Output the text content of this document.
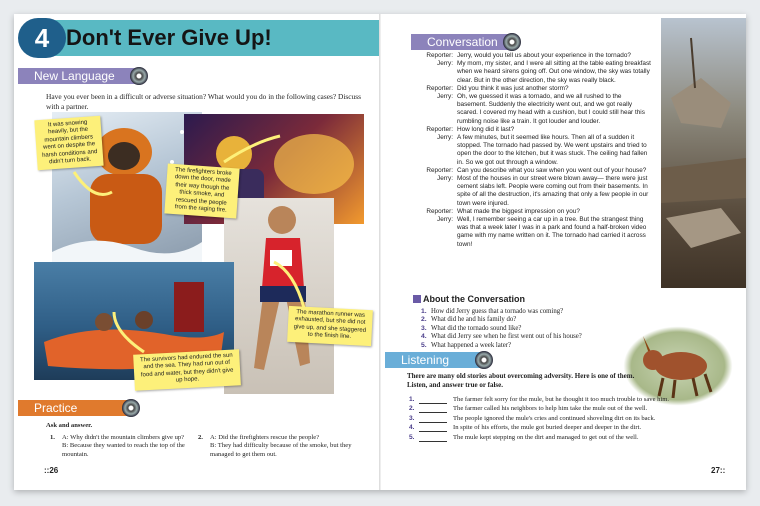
4 Don't Ever Give Up!
New Language
Have you ever been in a difficult or adverse situation? What would you do in the following cases? Discuss with a partner.
It was snowing heavily, but the mountain climbers went on despite the harsh conditions and didn't turn back.
The firefighters broke down the door, made their way though the thick smoke, and rescued the people from the raging fire.
The marathon runner was exhausted, but she did not give up, and she staggered to the finish line.
The survivors had endured the sun and the sea. They had run out of food and water, but they didn't give up hope.
Practice
Ask and answer.
1.	A: Why didn't the mountain climbers give up?
B: Because they wanted to reach the top of the mountain.
2.	A: Did the firefighters rescue the people?
B: They had difficulty because of the smoke, but they managed to get them out.
::26
Conversation
Reporter: Jerry, would you tell us about your experience in the tornado?
Jerry: My mom, my sister, and I were all sitting at the table eating breakfast when we heard sirens going off. Out one window, the sky was totally clear. But in the other direction, the sky was really black.
Reporter: Did you think it was just another storm?
Jerry: Oh, we guessed it was a tornado, and we all rushed to the basement. Suddenly the electricity went out, and we got really scared. I covered my head with a cushion, but I could still hear this rumbling noise like a train. It got louder and louder.
Reporter: How long did it last?
Jerry: A few minutes, but it seemed like hours. Then all of a sudden it stopped. The tornado had passed by. We went upstairs and tried to open the door to the kitchen, but it was stuck. The ceiling had fallen in. So we got out through a window.
Reporter: Can you describe what you saw when you went out of your house?
Jerry: Most of the houses in our street were blown away— there were just cement slabs left. People were coming out from their basements. In spite of all the destruction, it's amazing that only a few people in our town were injured.
Reporter: What made the biggest impression on you?
Jerry: Well, I remember seeing a car up in a tree. But the strangest thing was that a week later I was in a park and found a half-broken video game with my name written on it. The tornado had carried it across town!
About the Conversation
1. How did Jerry guess that a tornado was coming?
2. What did he and his family do?
3. What did the tornado sound like?
4. What did Jerry see when he first went out of his house?
5. What happened a week later?
Listening
There are many old stories about overcoming adversity. Here is one of them. Listen, and answer true or false.
1.	The farmer felt sorry for the mule, but he thought it too much trouble to save him.
2.	The farmer called his neighbors to help him take the mule out of the well.
3.	The people ignored the mule's cries and continued shoveling dirt on its back.
4.	In spite of his efforts, the mule got buried deeper and deeper in the dirt.
5.	The mule kept stepping on the dirt and managed to get out of the well.
27::
